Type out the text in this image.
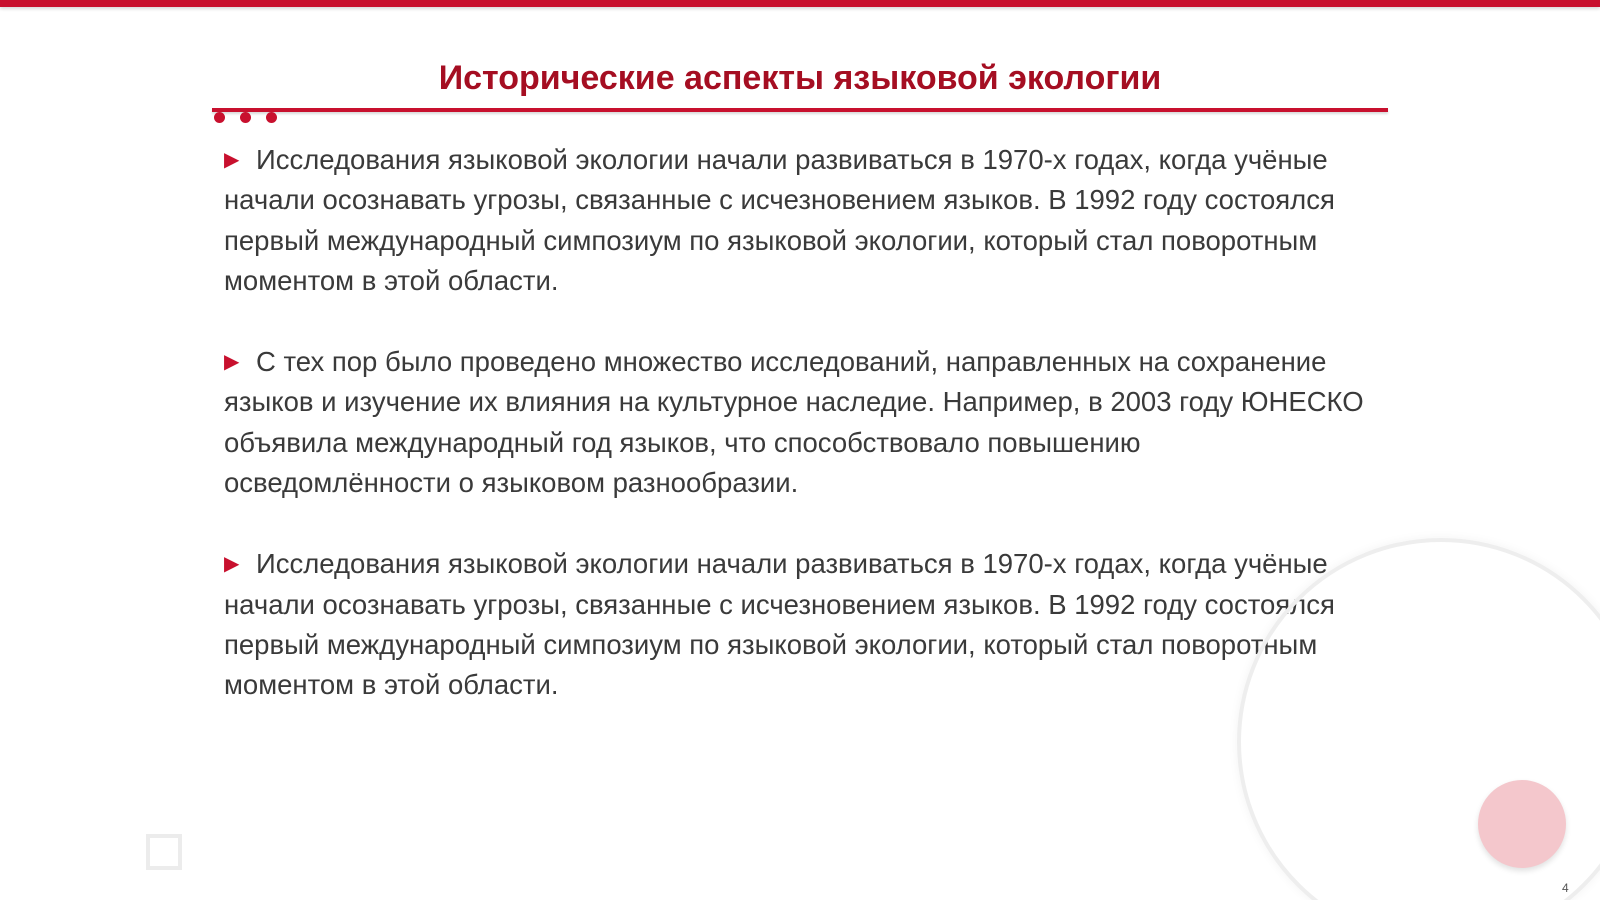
Исторические аспекты языковой экологии

▶ Исследования языковой экологии начали развиваться в 1970-х годах, когда учёные начали осознавать угрозы, связанные с исчезновением языков. В 1992 году состоялся первый международный симпозиум по языковой экологии, который стал поворотным моментом в этой области.

▶ С тех пор было проведено множество исследований, направленных на сохранение языков и изучение их влияния на культурное наследие. Например, в 2003 году ЮНЕСКО объявила международный год языков, что способствовало повышению осведомлённости о языковом разнообразии.

▶ Исследования языковой экологии начали развиваться в 1970-х годах, когда учёные начали осознавать угрозы, связанные с исчезновением языков. В 1992 году состоялся первый международный симпозиум по языковой экологии, который стал поворотным моментом в этой области.

4
